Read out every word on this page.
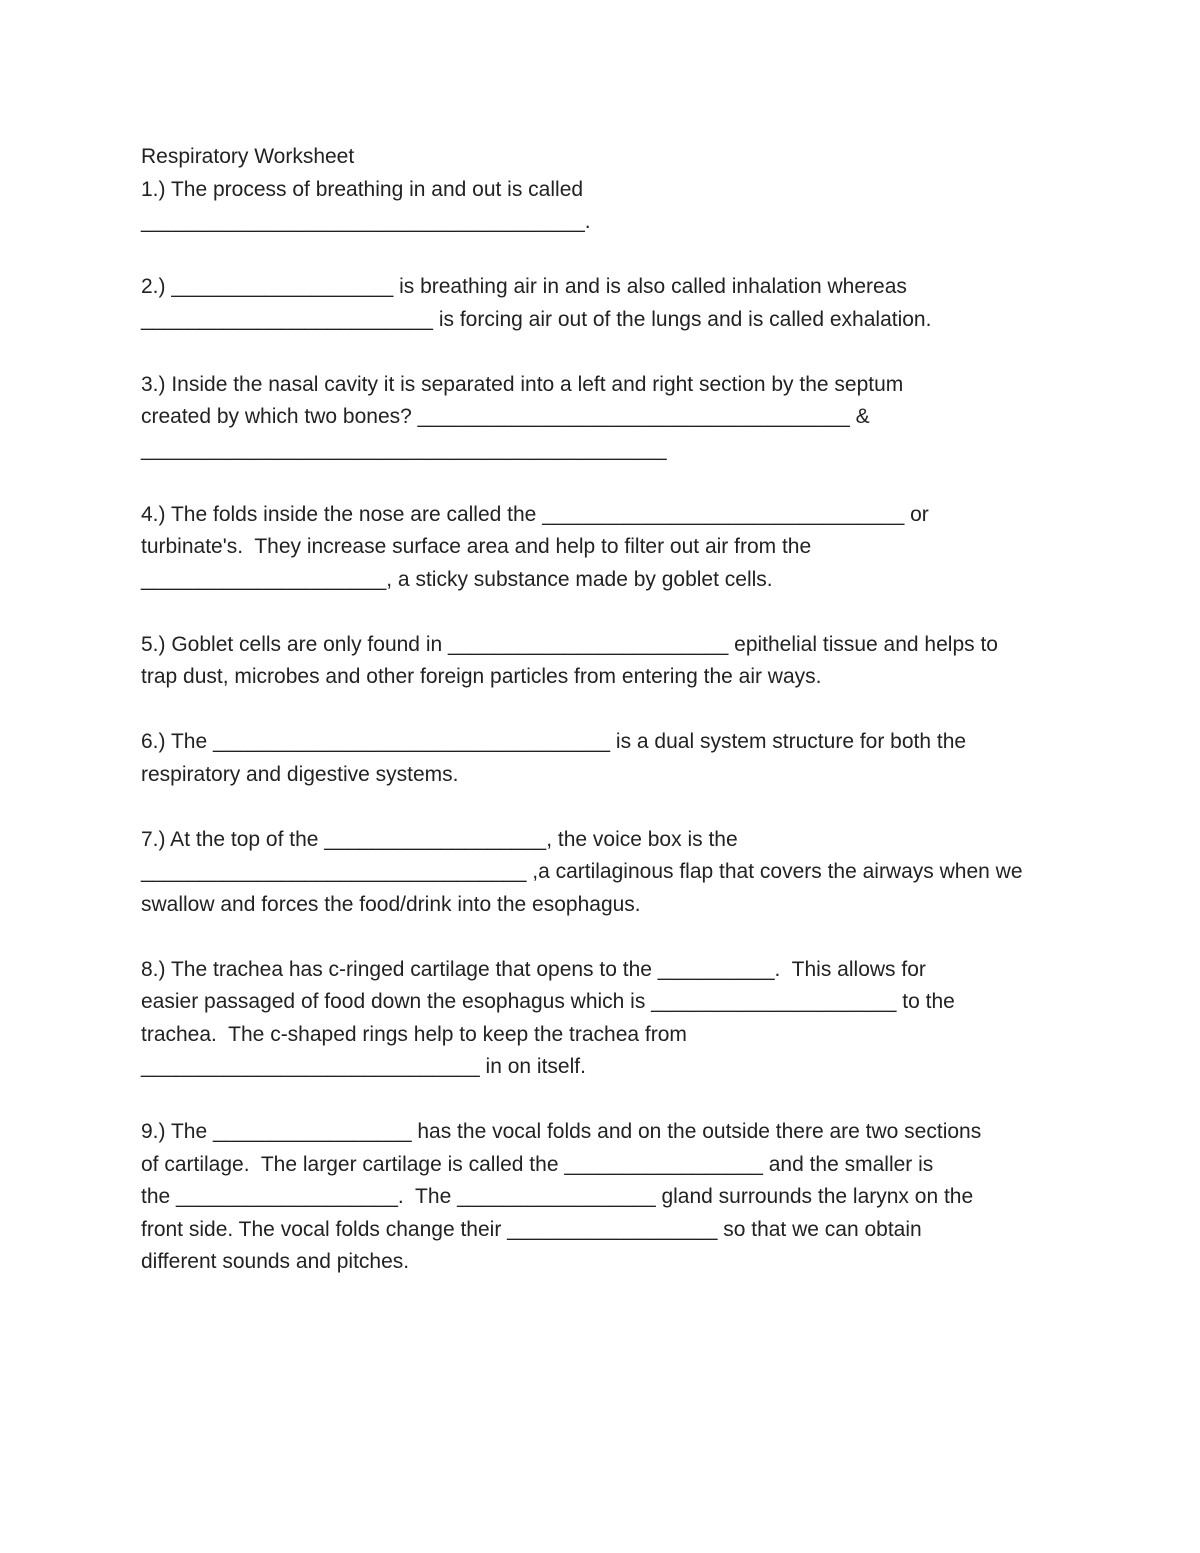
Respiratory Worksheet

1.) The process of breathing in and out is called

______________________________________.

2.) ___________________ is breathing air in and is also called inhalation whereas

_________________________ is forcing air out of the lungs and is called exhalation.

3.) Inside the nasal cavity it is separated into a left and right section by the septum

created by which two bones? _____________________________________ &

_____________________________________________

4.) The folds inside the nose are called the _______________________________ or

turbinate's.  They increase surface area and help to filter out air from the

_____________________, a sticky substance made by goblet cells.

5.) Goblet cells are only found in ________________________ epithelial tissue and helps to

trap dust, microbes and other foreign particles from entering the air ways.

6.) The __________________________________ is a dual system structure for both the

respiratory and digestive systems.

7.) At the top of the ___________________, the voice box is the

_________________________________ ,a cartilaginous flap that covers the airways when we

swallow and forces the food/drink into the esophagus.

8.) The trachea has c-ringed cartilage that opens to the __________.  This allows for

easier passaged of food down the esophagus which is _____________________ to the

trachea.  The c-shaped rings help to keep the trachea from

_____________________________ in on itself.

9.) The _________________ has the vocal folds and on the outside there are two sections

of cartilage.  The larger cartilage is called the _________________ and the smaller is

the ___________________.  The _________________ gland surrounds the larynx on the

front side. The vocal folds change their __________________ so that we can obtain

different sounds and pitches.
